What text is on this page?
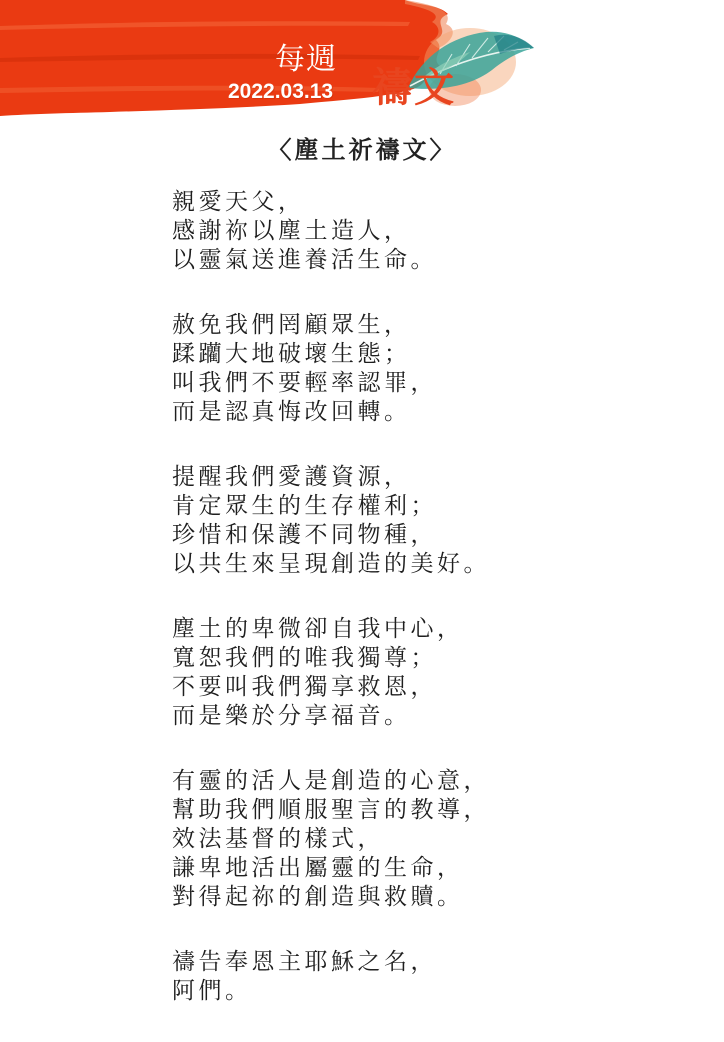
每週
2022.03.13 禱文
〈塵土祈禱文〉
親愛天父，
感謝祢以塵土造人，
以靈氣送進養活生命。
赦免我們罔顧眾生，
蹂躪大地破壞生態；
叫我們不要輕率認罪，
而是認真悔改回轉。
提醒我們愛護資源，
肯定眾生的生存權利；
珍惜和保護不同物種，
以共生來呈現創造的美好。
塵土的卑微卻自我中心，
寬恕我們的唯我獨尊；
不要叫我們獨享救恩，
而是樂於分享福音。
有靈的活人是創造的心意，
幫助我們順服聖言的教導，
效法基督的樣式，
謙卑地活出屬靈的生命，
對得起祢的創造與救贖。
禱告奉恩主耶穌之名，
阿們。
